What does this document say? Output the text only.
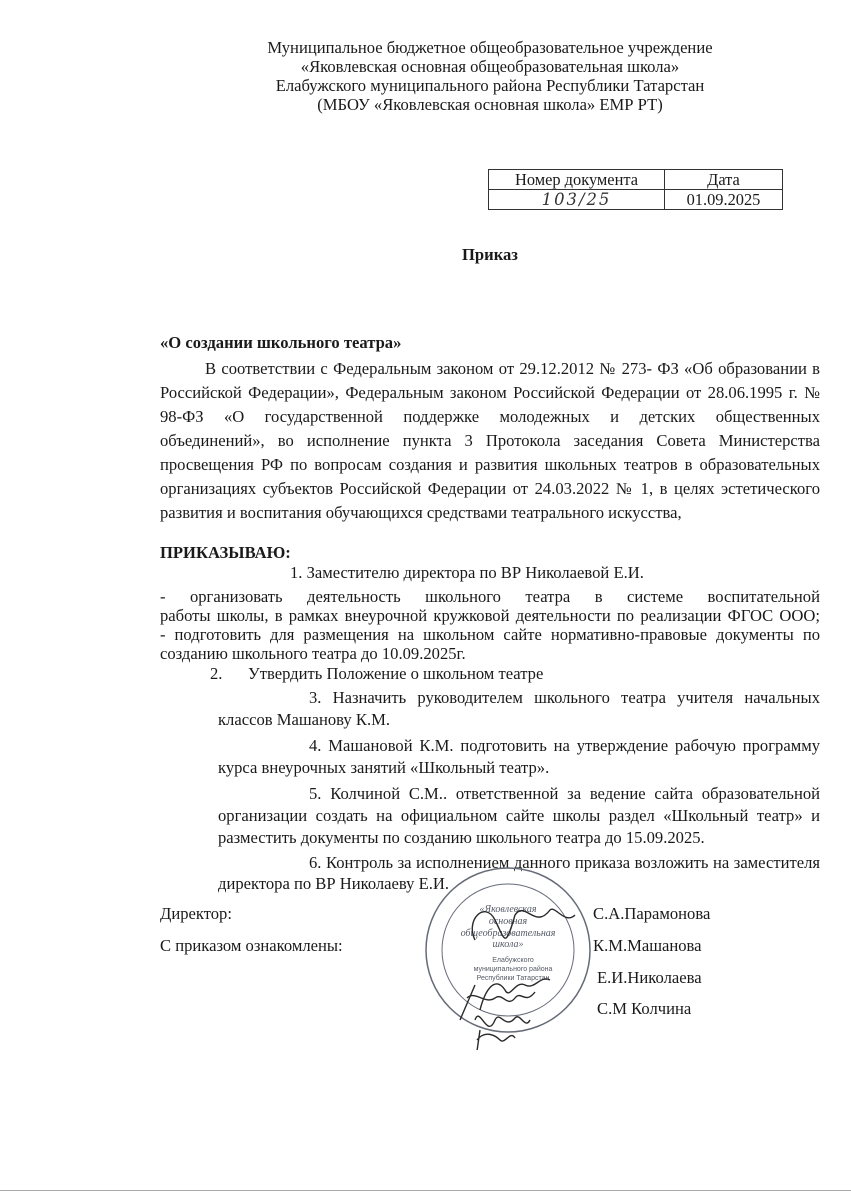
Муниципальное бюджетное общеобразовательное учреждение
«Яковлевская основная общеобразовательная школа»
Елабужского муниципального района Республики Татарстан
(МБОУ «Яковлевская основная школа» ЕМР РТ)
Номер документа	Дата
103/25	01.09.2025
Приказ
«О создании школьного театра»
В соответствии с Федеральным законом от 29.12.2012 № 273- ФЗ «Об образовании в
Российской Федерации», Федеральным законом Российской Федерации от 28.06.1995 г. №
98-ФЗ «О государственной поддержке молодежных и детских общественных
объединений», во исполнение пункта 3 Протокола заседания Совета Министерства
просвещения РФ по вопросам создания и развития школьных театров в образовательных
организациях субъектов Российской Федерации от 24.03.2022 № 1, в целях эстетического
развития и воспитания обучающихся средствами театрального искусства,
ПРИКАЗЫВАЮ:
1. Заместителю директора по ВР Николаевой Е.И.
- организовать деятельность школьного театра в системе воспитательной
работы школы, в рамках внеурочной кружковой деятельности по реализации ФГОС ООО;
- подготовить для размещения на школьном сайте нормативно-правовые документы по
созданию школьного театра до 10.09.2025г.
2. Утвердить Положение о школьном театре
3. Назначить руководителем школьного театра учителя начальных
классов Машанову К.М.
4. Машановой К.М. подготовить на утверждение рабочую программу
курса внеурочных занятий «Школьный театр».
5. Колчиной С.М.. ответственной за ведение сайта образовательной
организации создать на официальном сайте школы раздел «Школьный театр» и
разместить документы по созданию школьного театра до 15.09.2025.
6. Контроль за исполнением данного приказа возложить на заместителя
директора по ВР Николаеву Е.И.
«Яковлевская
основная
общеобразовательная
школа»
Елабужского
муниципального района
Республики Татарстан
Директор:	С.А.Парамонова
С приказом ознакомлены:	К.М.Машанова
Е.И.Николаева
С.М Колчина
